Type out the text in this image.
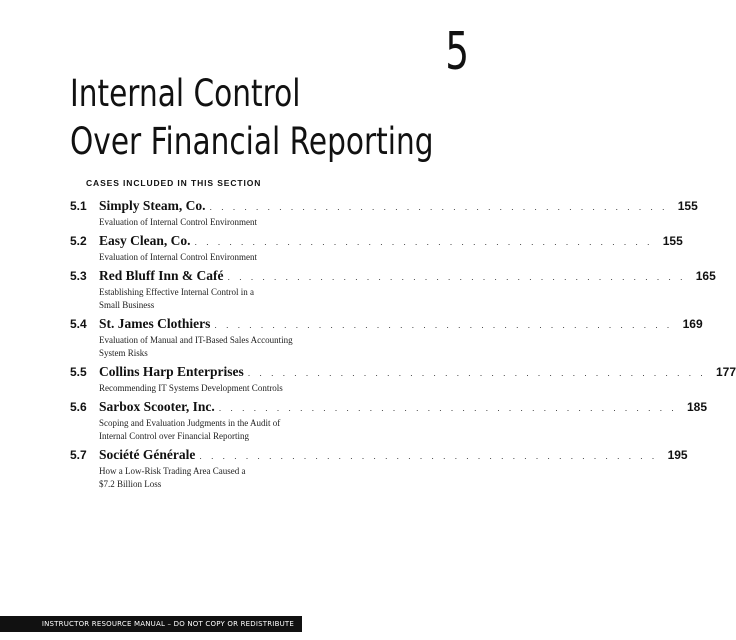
5
Internal Control
Over Financial Reporting
CASES INCLUDED IN THIS SECTION
5.1 Simply Steam, Co. . . . . . . . . . . . . . . . . . . . . . . . . . . . . . . . . . . . . . . . . 155
Evaluation of Internal Control Environment
5.2 Easy Clean, Co. . . . . . . . . . . . . . . . . . . . . . . . . . . . . . . . . . . . . . . . . 155
Evaluation of Internal Control Environment
5.3 Red Bluff Inn & Café . . . . . . . . . . . . . . . . . . . . . . . . . . . . . . . . . . . . . . . . 165
Establishing Effective Internal Control in a
Small Business
5.4 St. James Clothiers . . . . . . . . . . . . . . . . . . . . . . . . . . . . . . . . . . . . . . . . 169
Evaluation of Manual and IT-Based Sales Accounting
System Risks
5.5 Collins Harp Enterprises . . . . . . . . . . . . . . . . . . . . . . . . . . . . . . . . . . . . . . . . 177
Recommending IT Systems Development Controls
5.6 Sarbox Scooter, Inc. . . . . . . . . . . . . . . . . . . . . . . . . . . . . . . . . . . . . . . . . 185
Scoping and Evaluation Judgments in the Audit of
Internal Control over Financial Reporting
5.7 Société Générale . . . . . . . . . . . . . . . . . . . . . . . . . . . . . . . . . . . . . . . . 195
How a Low-Risk Trading Area Caused a
$7.2 Billion Loss
INSTRUCTOR RESOURCE MANUAL – DO NOT COPY OR REDISTRIBUTE
